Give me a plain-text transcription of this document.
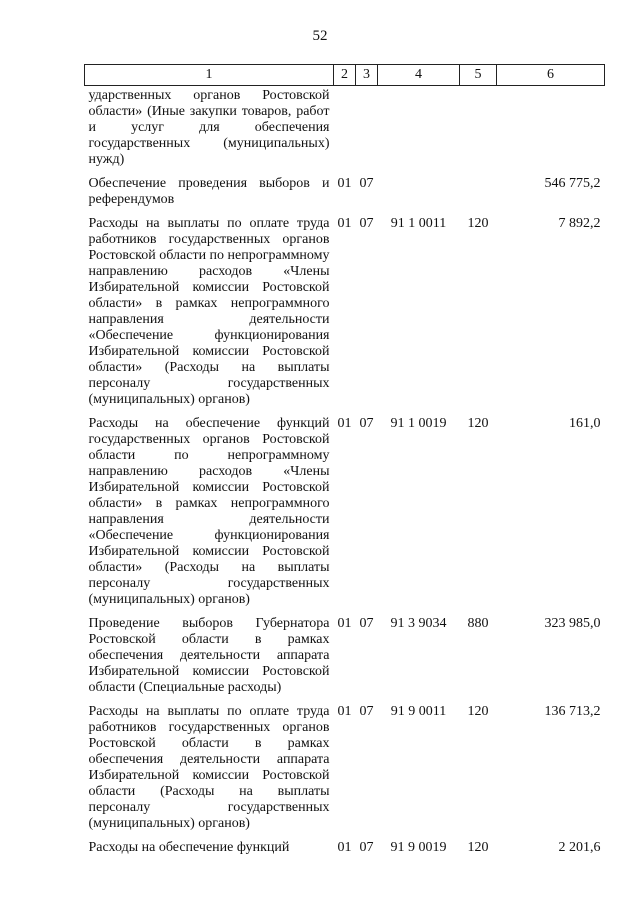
52
1	2	3	4	5	6
ударственных органов Ростовской области» (Иные закупки товаров, работ и услуг для обеспечения государственных (муниципальных) нужд)					
Обеспечение проведения выборов и референдумов	01	07			546 775,2
Расходы на выплаты по оплате труда работников государственных органов Ростовской области по непрограммному направлению расходов «Члены Избирательной комиссии Ростовской области» в рамках непрограммного направления деятельности «Обеспечение функционирования Избирательной комиссии Ростовской области» (Расходы на выплаты персоналу государственных (муниципальных) органов)	01	07	91 1 0011	120	7 892,2
Расходы на обеспечение функций государственных органов Ростовской области по непрограммному направлению расходов «Члены Избирательной комиссии Ростовской области» в рамках непрограммного направления деятельности «Обеспечение функционирования Избирательной комиссии Ростовской области» (Расходы на выплаты персоналу государственных (муниципальных) органов)	01	07	91 1 0019	120	161,0
Проведение выборов Губернатора Ростовской области в рамках обеспечения деятельности аппарата Избирательной комиссии Ростовской области (Специальные расходы)	01	07	91 3 9034	880	323 985,0
Расходы на выплаты по оплате труда работников государственных органов Ростовской области в рамках обеспечения деятельности аппарата Избирательной комиссии Ростовской области (Расходы на выплаты персоналу государственных (муниципальных) органов)	01	07	91 9 0011	120	136 713,2
Расходы на обеспечение функций	01	07	91 9 0019	120	2 201,6
